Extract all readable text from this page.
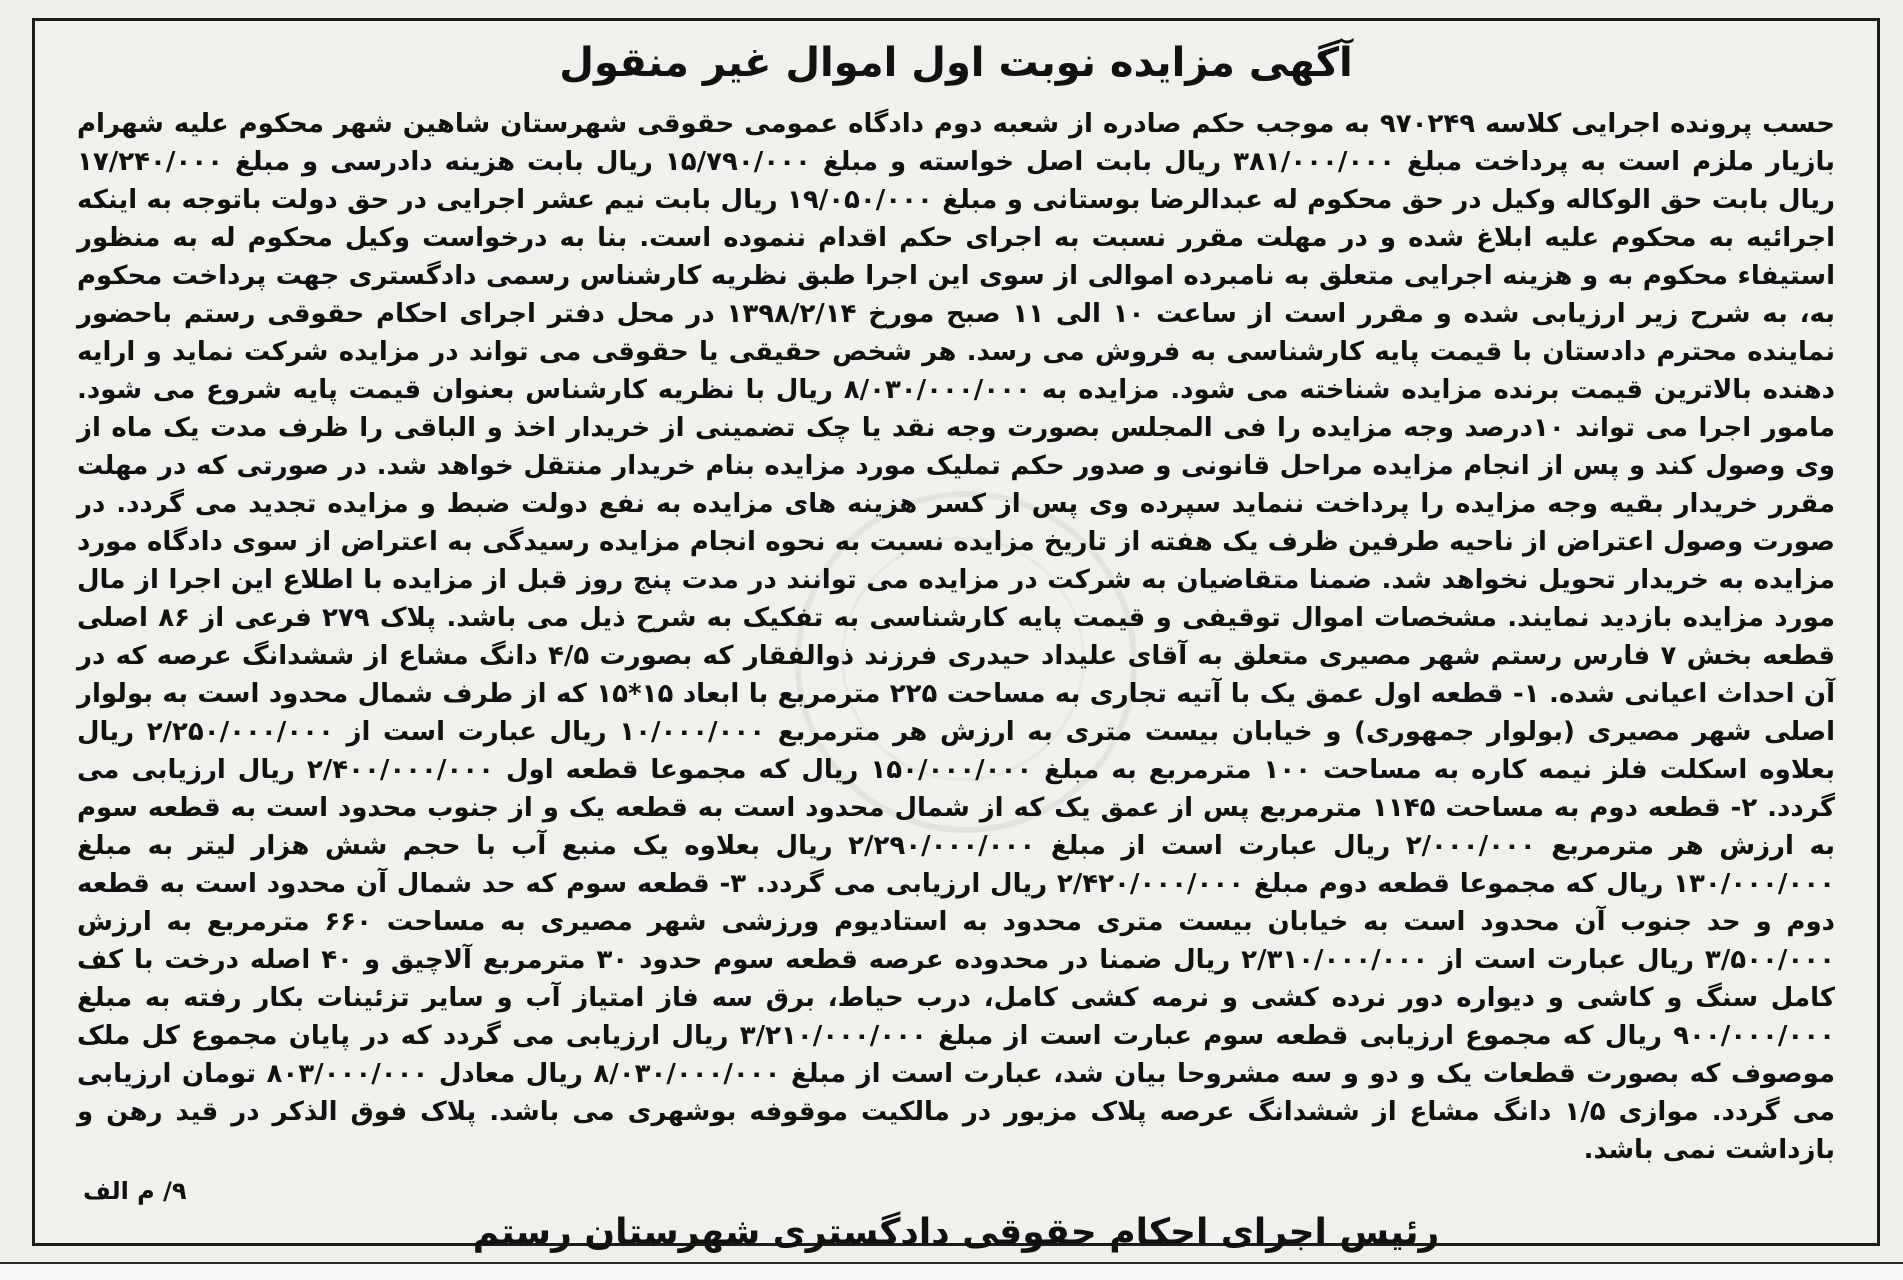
آگهی مزایده نوبت اول اموال غیر منقول
حسب پرونده اجرایی کلاسه ۹۷۰۲۴۹ به موجب حکم صادره از شعبه دوم دادگاه عمومی حقوقی شهرستان شاهین شهر محکوم علیه شهرام بازیار ملزم است به پرداخت مبلغ ۳۸۱/۰۰۰/۰۰۰ ریال بابت اصل خواسته و مبلغ ۱۵/۷۹۰/۰۰۰ ریال بابت هزینه دادرسی و مبلغ ۱۷/۲۴۰/۰۰۰ ریال بابت حق الوکاله وکیل در حق محکوم له عبدالرضا بوستانی و مبلغ ۱۹/۰۵۰/۰۰۰ ریال بابت نیم عشر اجرایی در حق دولت باتوجه به اینکه اجرائیه به محکوم علیه ابلاغ شده و در مهلت مقرر نسبت به اجرای حکم اقدام ننموده است. بنا به درخواست وکیل محکوم له به منظور استیفاء محکوم به و هزینه اجرایی متعلق به نامبرده اموالی از سوی این اجرا طبق نظریه کارشناس رسمی دادگستری جهت پرداخت محکوم به، به شرح زیر ارزیابی شده و مقرر است از ساعت ۱۰ الی ۱۱ صبح مورخ ۱۳۹۸/۲/۱۴ در محل دفتر اجرای احکام حقوقی رستم باحضور نماینده محترم دادستان با قیمت پایه کارشناسی به فروش می رسد. هر شخص حقیقی یا حقوقی می تواند در مزایده شرکت نماید و ارایه دهنده بالاترین قیمت برنده مزایده شناخته می شود. مزایده به ۸/۰۳۰/۰۰۰/۰۰۰ ریال با نظریه کارشناس بعنوان قیمت پایه شروع می شود. مامور اجرا می تواند ۱۰درصد وجه مزایده را فی المجلس بصورت وجه نقد یا چک تضمینی از خریدار اخذ و الباقی را ظرف مدت یک ماه از وی وصول کند و پس از انجام مزایده مراحل قانونی و صدور حکم تملیک مورد مزایده بنام خریدار منتقل خواهد شد. در صورتی که در مهلت مقرر خریدار بقیه وجه مزایده را پرداخت ننماید سپرده وی پس از کسر هزینه های مزایده به نفع دولت ضبط و مزایده تجدید می گردد. در صورت وصول اعتراض از ناحیه طرفین ظرف یک هفته از تاریخ مزایده نسبت به نحوه انجام مزایده رسیدگی به اعتراض از سوی دادگاه مورد مزایده به خریدار تحویل نخواهد شد. ضمنا متقاضیان به شرکت در مزایده می توانند در مدت پنج روز قبل از مزایده با اطلاع این اجرا از مال مورد مزایده بازدید نمایند. مشخصات اموال توقیفی و قیمت پایه کارشناسی به تفکیک به شرح ذیل می باشد. پلاک ۲۷۹ فرعی از ۸۶ اصلی قطعه بخش ۷ فارس رستم شهر مصیری متعلق به آقای علیداد حیدری فرزند ذوالفقار که بصورت ۴/۵ دانگ مشاع از ششدانگ عرصه که در آن احداث اعیانی شده. ۱- قطعه اول عمق یک با آتیه تجاری به مساحت ۲۲۵ مترمربع با ابعاد ۱۵*۱۵ که از طرف شمال محدود است به بولوار اصلی شهر مصیری (بولوار جمهوری) و خیابان بیست متری به ارزش هر مترمربع ۱۰/۰۰۰/۰۰۰ ریال عبارت است از ۲/۲۵۰/۰۰۰/۰۰۰ ریال بعلاوه اسکلت فلز نیمه کاره به مساحت ۱۰۰ مترمربع به مبلغ ۱۵۰/۰۰۰/۰۰۰ ریال که مجموعا قطعه اول ۲/۴۰۰/۰۰۰/۰۰۰ ریال ارزیابی می گردد. ۲- قطعه دوم به مساحت ۱۱۴۵ مترمربع پس از عمق یک که از شمال محدود است به قطعه یک و از جنوب محدود است به قطعه سوم به ارزش هر مترمربع ۲/۰۰۰/۰۰۰ ریال عبارت است از مبلغ ۲/۲۹۰/۰۰۰/۰۰۰ ریال بعلاوه یک منبع آب با حجم شش هزار لیتر به مبلغ ۱۳۰/۰۰۰/۰۰۰ ریال که مجموعا قطعه دوم مبلغ ۲/۴۲۰/۰۰۰/۰۰۰ ریال ارزیابی می گردد. ۳- قطعه سوم که حد شمال آن محدود است به قطعه دوم و حد جنوب آن محدود است به خیابان بیست متری محدود به استادیوم ورزشی شهر مصیری به مساحت ۶۶۰ مترمربع به ارزش ۳/۵۰۰/۰۰۰ ریال عبارت است از ۲/۳۱۰/۰۰۰/۰۰۰ ریال ضمنا در محدوده عرصه قطعه سوم حدود ۳۰ مترمربع آلاچیق و ۴۰ اصله درخت با کف کامل سنگ و کاشی و دیواره دور نرده کشی و نرمه کشی کامل، درب حیاط، برق سه فاز امتیاز آب و سایر تزئینات بکار رفته به مبلغ ۹۰۰/۰۰۰/۰۰۰ ریال که مجموع ارزیابی قطعه سوم عبارت است از مبلغ ۳/۲۱۰/۰۰۰/۰۰۰ ریال ارزیابی می گردد که در پایان مجموع کل ملک موصوف که بصورت قطعات یک و دو و سه مشروحا بیان شد، عبارت است از مبلغ ۸/۰۳۰/۰۰۰/۰۰۰ ریال معادل ۸۰۳/۰۰۰/۰۰۰ تومان ارزیابی می گردد. موازی ۱/۵ دانگ مشاع از ششدانگ عرصه پلاک مزبور در مالکیت موقوفه بوشهری می باشد. پلاک فوق الذکر در قید رهن و بازداشت نمی باشد.
۹/ م الف
رئیس اجرای احکام حقوقی دادگستری شهرستان رستم
